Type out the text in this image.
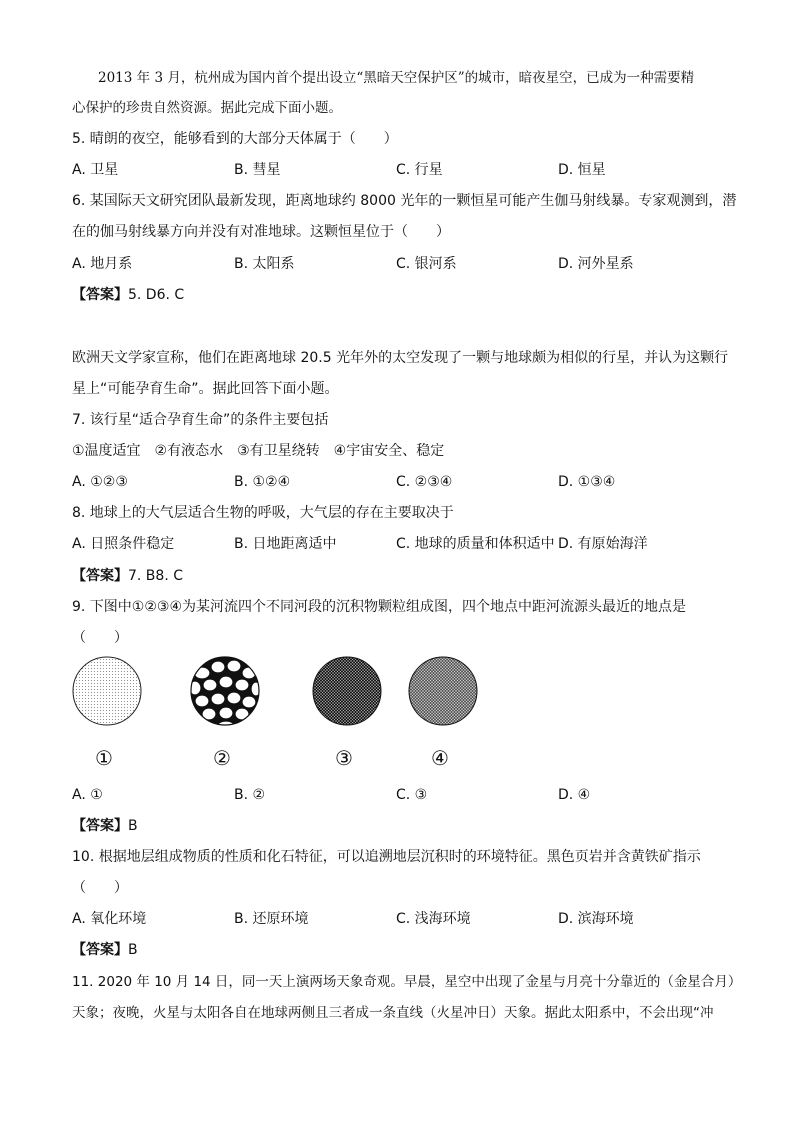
2013 年 3 月，杭州成为国内首个提出设立“黑暗天空保护区”的城市，暗夜星空，已成为一种需要精
心保护的珍贵自然资源。据此完成下面小题。
5. 晴朗的夜空，能够看到的大部分天体属于（　　）
A. 卫星	B. 彗星	C. 行星	D. 恒星
6. 某国际天文研究团队最新发现，距离地球约 8000 光年的一颗恒星可能产生伽马射线暴。专家观测到，潜
在的伽马射线暴方向并没有对准地球。这颗恒星位于（　　）
A. 地月系	B. 太阳系	C. 银河系	D. 河外星系
【答案】5. D6. C
欧洲天文学家宣称，他们在距离地球 20.5 光年外的太空发现了一颗与地球颇为相似的行星，并认为这颗行
星上“可能孕育生命”。据此回答下面小题。
7. 该行星“适合孕育生命”的条件主要包括
①温度适宜　②有液态水　③有卫星绕转　④宇宙安全、稳定
A. ①②③	B. ①②④	C. ②③④	D. ①③④
8. 地球上的大气层适合生物的呼吸，大气层的存在主要取决于
A. 日照条件稳定	B. 日地距离适中	C. 地球的质量和体积适中 D. 有原始海洋
【答案】7. B8. C
9. 下图中①②③④为某河流四个不同河段的沉积物颗粒组成图，四个地点中距河流源头最近的地点是
（　　）
①	②	③	④
A. ①	B. ②	C. ③	D. ④
【答案】B
10. 根据地层组成物质的性质和化石特征，可以追溯地层沉积时的环境特征。黑色页岩并含黄铁矿指示
（　　）
A. 氧化环境	B. 还原环境	C. 浅海环境	D. 滨海环境
【答案】B
11. 2020 年 10 月 14 日，同一天上演两场天象奇观。早晨，星空中出现了金星与月亮十分靠近的（金星合月）
天象；夜晚，火星与太阳各自在地球两侧且三者成一条直线（火星冲日）天象。据此太阳系中，不会出现“冲
